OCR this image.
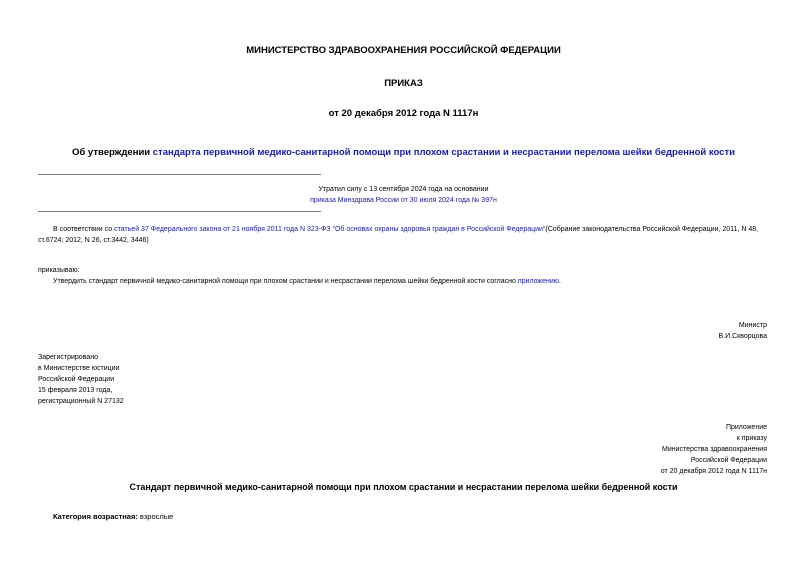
МИНИСТЕРСТВО ЗДРАВООХРАНЕНИЯ РОССИЙСКОЙ ФЕДЕРАЦИИ
ПРИКАЗ
от 20 декабря 2012 года N 1117н
Об утверждении стандарта первичной медико-санитарной помощи при плохом срастании и несрастании перелома шейки бедренной кости
Утратил силу с 13 сентября 2024 года на основании
приказа Минздрава России от 30 июля 2024 года № 397н
В соответствии со статьей 37 Федерального закона от 21 ноября 2011 года N 323-ФЗ "Об основах охраны здоровья граждан в Российской Федерации"(Собрание законодательства Российской Федерации, 2011, N 48, ст.6724; 2012, N 26, ст.3442, 3446)
приказываю:
Утвердить стандарт первичной медико-санитарной помощи при плохом срастании и несрастании перелома шейки бедренной кости согласно приложению.
Министр
В.И.Скворцова
Зарегистрировано
в Министерстве юстиции
Российской Федерации
15 февраля 2013 года,
регистрационный N 27132
Приложение
к приказу
Министерства здравоохранения
Российской Федерации
от 20 декабря 2012 года N 1117н
Стандарт первичной медико-санитарной помощи при плохом срастании и несрастании перелома шейки бедренной кости
Категория возрастная: взрослые
